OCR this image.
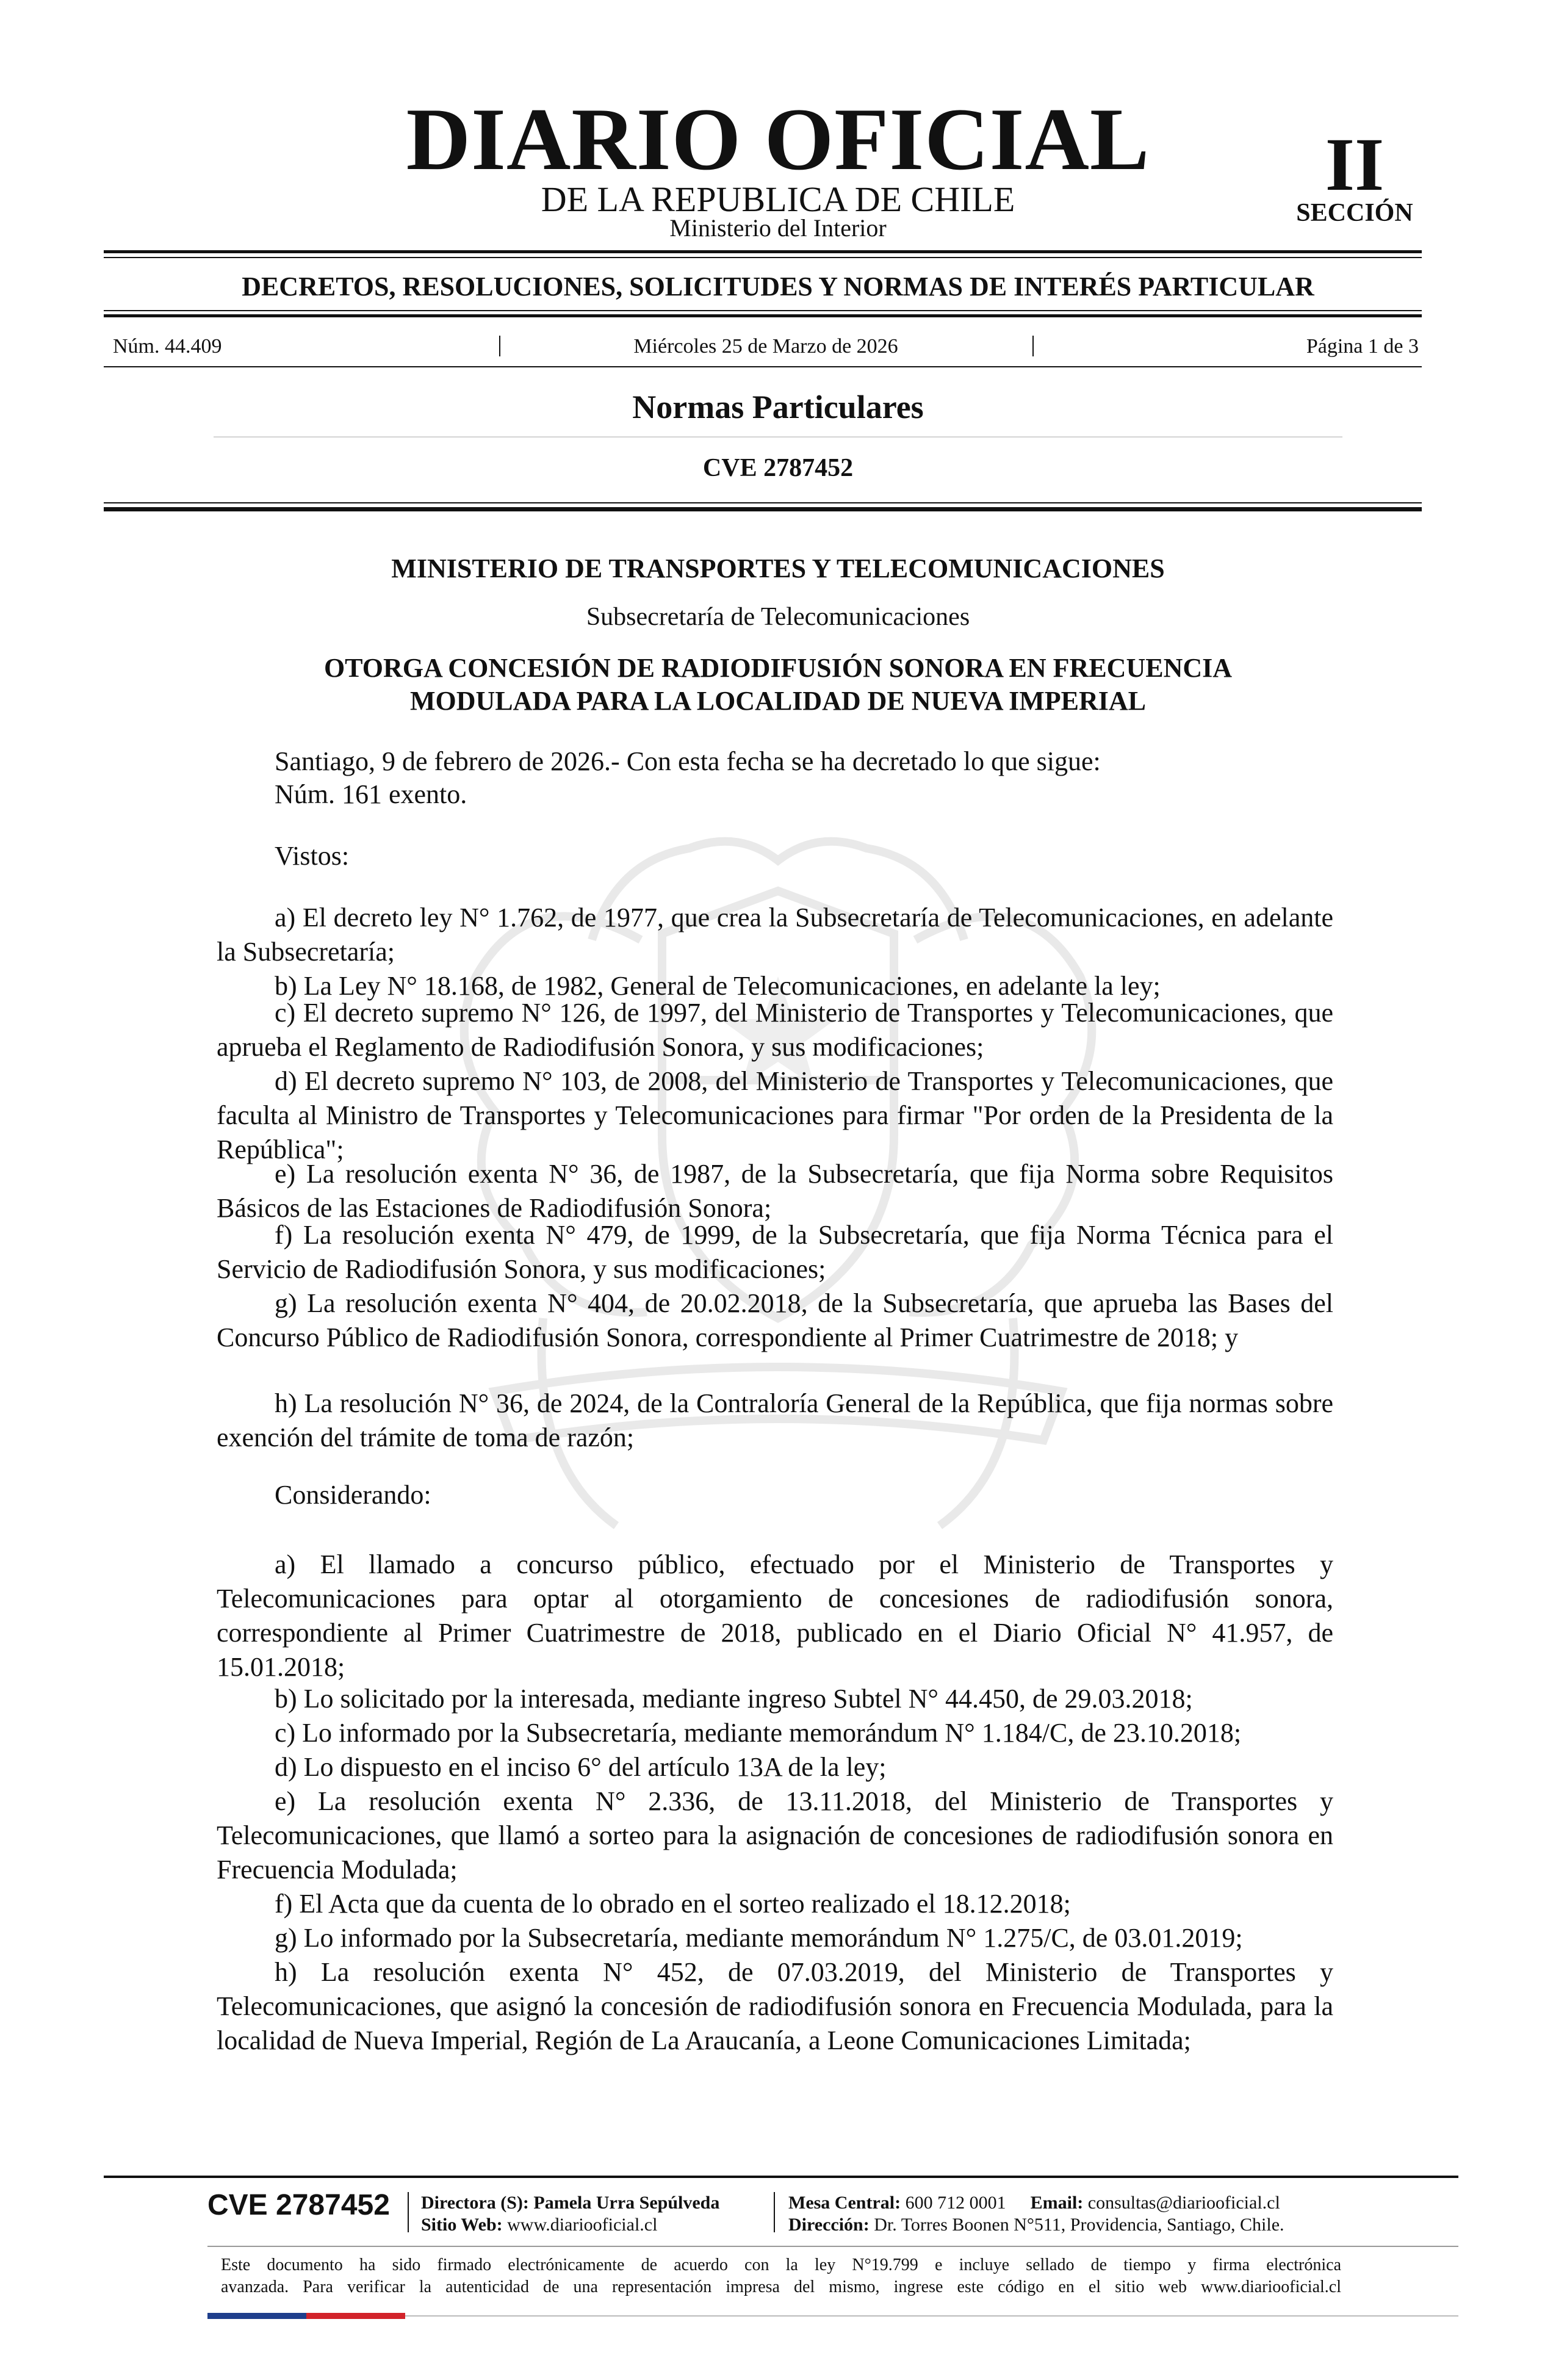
DIARIO OFICIAL
DE LA REPUBLICA DE CHILE
Ministerio del Interior
II
SECCIÓN
DECRETOS, RESOLUCIONES, SOLICITUDES Y NORMAS DE INTERÉS PARTICULAR
Núm. 44.409	Miércoles 25 de Marzo de 2026	Página 1 de 3
Normas Particulares
CVE 2787452
MINISTERIO DE TRANSPORTES Y TELECOMUNICACIONES
Subsecretaría de Telecomunicaciones
OTORGA CONCESIÓN DE RADIODIFUSIÓN SONORA EN FRECUENCIA
MODULADA PARA LA LOCALIDAD DE NUEVA IMPERIAL
Santiago, 9 de febrero de 2026.- Con esta fecha se ha decretado lo que sigue:
Núm. 161 exento.
Vistos:
a) El decreto ley N° 1.762, de 1977, que crea la Subsecretaría de Telecomunicaciones, en adelante la Subsecretaría;
b) La Ley N° 18.168, de 1982, General de Telecomunicaciones, en adelante la ley;
c) El decreto supremo N° 126, de 1997, del Ministerio de Transportes y Telecomunicaciones, que aprueba el Reglamento de Radiodifusión Sonora, y sus modificaciones;
d) El decreto supremo N° 103, de 2008, del Ministerio de Transportes y Telecomunicaciones, que faculta al Ministro de Transportes y Telecomunicaciones para firmar "Por orden de la Presidenta de la República";
e) La resolución exenta N° 36, de 1987, de la Subsecretaría, que fija Norma sobre Requisitos Básicos de las Estaciones de Radiodifusión Sonora;
f) La resolución exenta N° 479, de 1999, de la Subsecretaría, que fija Norma Técnica para el Servicio de Radiodifusión Sonora, y sus modificaciones;
g) La resolución exenta N° 404, de 20.02.2018, de la Subsecretaría, que aprueba las Bases del Concurso Público de Radiodifusión Sonora, correspondiente al Primer Cuatrimestre de 2018; y
h) La resolución N° 36, de 2024, de la Contraloría General de la República, que fija normas sobre exención del trámite de toma de razón;
Considerando:
a) El llamado a concurso público, efectuado por el Ministerio de Transportes y Telecomunicaciones para optar al otorgamiento de concesiones de radiodifusión sonora, correspondiente al Primer Cuatrimestre de 2018, publicado en el Diario Oficial N° 41.957, de 15.01.2018;
b) Lo solicitado por la interesada, mediante ingreso Subtel N° 44.450, de 29.03.2018;
c) Lo informado por la Subsecretaría, mediante memorándum N° 1.184/C, de 23.10.2018;
d) Lo dispuesto en el inciso 6° del artículo 13A de la ley;
e) La resolución exenta N° 2.336, de 13.11.2018, del Ministerio de Transportes y Telecomunicaciones, que llamó a sorteo para la asignación de concesiones de radiodifusión sonora en Frecuencia Modulada;
f) El Acta que da cuenta de lo obrado en el sorteo realizado el 18.12.2018;
g) Lo informado por la Subsecretaría, mediante memorándum N° 1.275/C, de 03.01.2019;
h) La resolución exenta N° 452, de 07.03.2019, del Ministerio de Transportes y Telecomunicaciones, que asignó la concesión de radiodifusión sonora en Frecuencia Modulada, para la localidad de Nueva Imperial, Región de La Araucanía, a Leone Comunicaciones Limitada;
CVE 2787452 Directora (S): Pamela Urra Sepúlveda
Sitio Web: www.diariooficial.cl
Mesa Central: 600 712 0001 Email: consultas@diariooficial.cl
Dirección: Dr. Torres Boonen N°511, Providencia, Santiago, Chile.
Este documento ha sido firmado electrónicamente de acuerdo con la ley N°19.799 e incluye sellado de tiempo y firma electrónica
avanzada. Para verificar la autenticidad de una representación impresa del mismo, ingrese este código en el sitio web www.diariooficial.cl
